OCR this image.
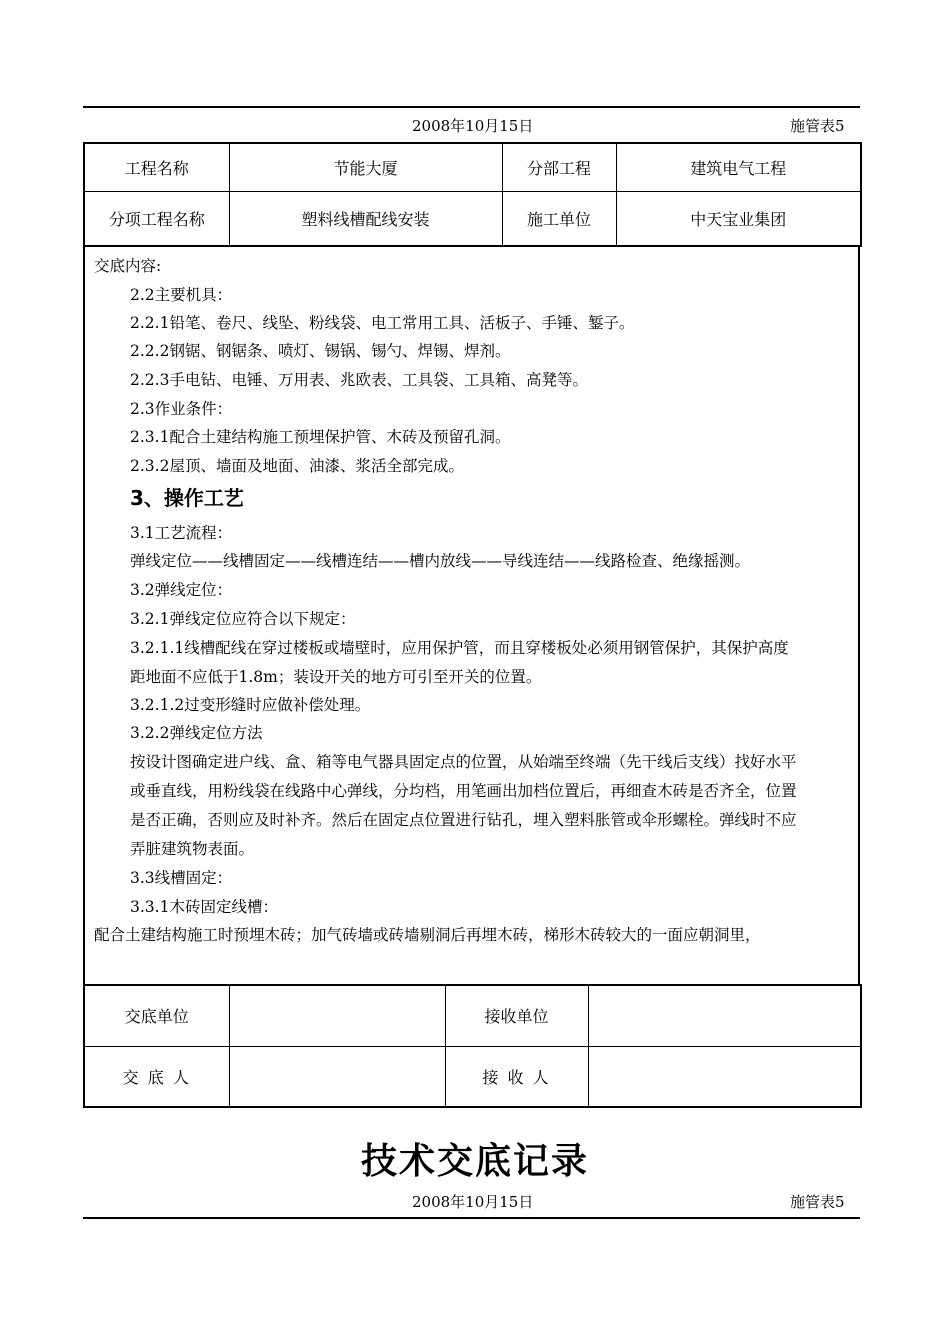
2008年10月15日	施管表5
工程名称	节能大厦	分部工程	建筑电气工程
分项工程名称	塑料线槽配线安装	施工单位	中天宝业集团
交底内容:
2.2主要机具：
2.2.1铅笔、卷尺、线坠、粉线袋、电工常用工具、活板子、手锤、錾子。
2.2.2钢锯、钢锯条、喷灯、锡锅、锡勺、焊锡、焊剂。
2.2.3手电钻、电锤、万用表、兆欧表、工具袋、工具箱、高凳等。
2.3作业条件：
2.3.1配合土建结构施工预埋保护管、木砖及预留孔洞。
2.3.2屋顶、墙面及地面、油漆、浆活全部完成。
3、操作工艺
3.1工艺流程：
弹线定位——线槽固定——线槽连结——槽内放线——导线连结——线路检查、绝缘摇测。
3.2弹线定位：
3.2.1弹线定位应符合以下规定：
3.2.1.1线槽配线在穿过楼板或墙壁时，应用保护管，而且穿楼板处必须用钢管保护，其保护高度
距地面不应低于1.8m；装设开关的地方可引至开关的位置。
3.2.1.2过变形缝时应做补偿处理。
3.2.2弹线定位方法
按设计图确定进户线、盒、箱等电气器具固定点的位置，从始端至终端（先干线后支线）找好水平
或垂直线，用粉线袋在线路中心弹线，分均档，用笔画出加档位置后，再细查木砖是否齐全，位置
是否正确，否则应及时补齐。然后在固定点位置进行钻孔，埋入塑料胀管或伞形螺栓。弹线时不应
弄脏建筑物表面。
3.3线槽固定：
3.3.1木砖固定线槽：
配合土建结构施工时预埋木砖；加气砖墙或砖墙剔洞后再埋木砖，梯形木砖较大的一面应朝洞里，
交底单位		接收单位	
交 底 人		接 收 人	
技术交底记录
2008年10月15日	施管表5
